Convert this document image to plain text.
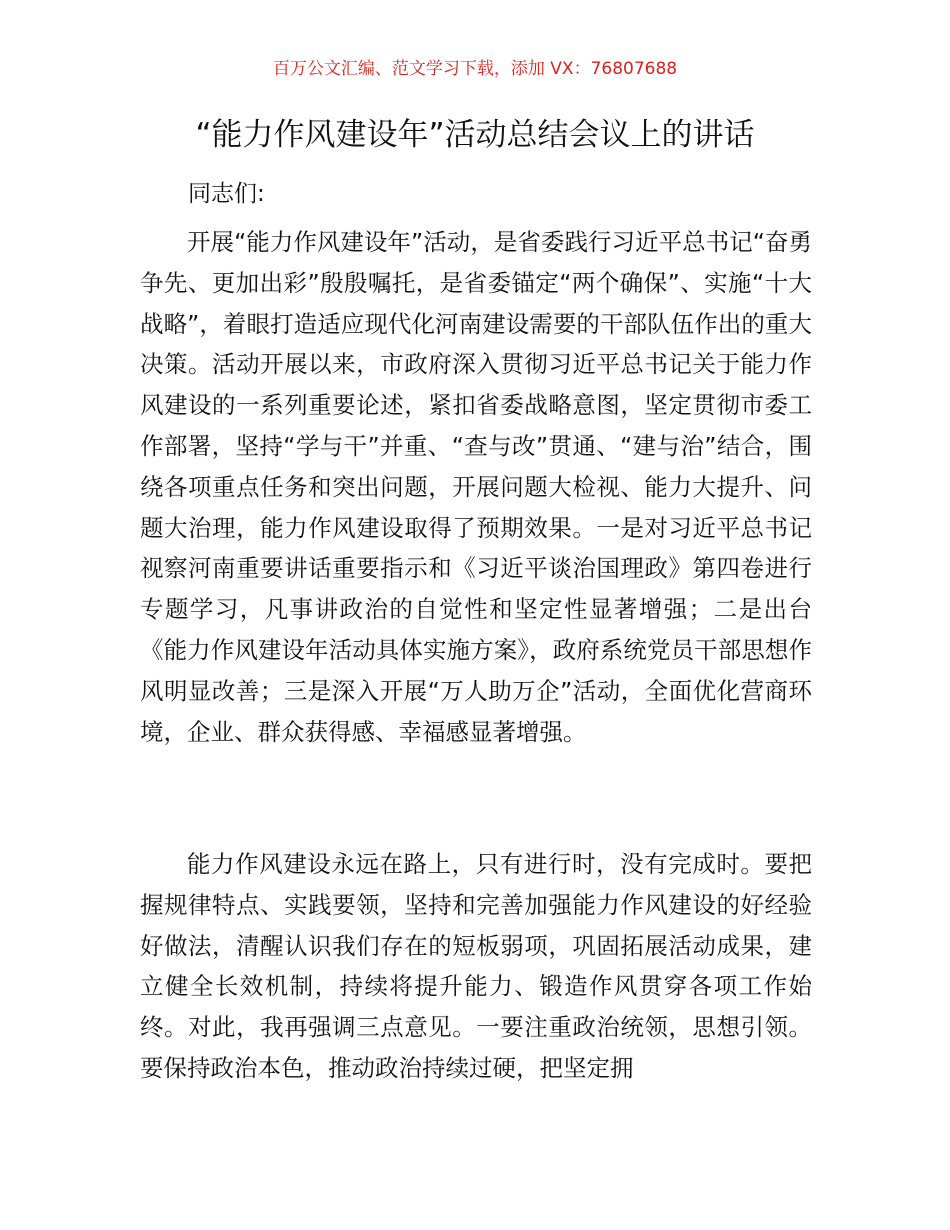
百万公文汇编、范文学习下载，添加 VX：76807688
“能力作风建设年”活动总结会议上的讲话
同志们:

开展“能力作风建设年”活动，是省委践行习近平总书记“奋勇争先、更加出彩”殷殷嘱托，是省委锚定“两个确保”、实施“十大战略”，着眼打造适应现代化河南建设需要的干部队伍作出的重大决策。活动开展以来，市政府深入贯彻习近平总书记关于能力作风建设的一系列重要论述，紧扣省委战略意图，坚定贯彻市委工作部署，坚持“学与干”并重、“查与改”贯通、“建与治”结合，围绕各项重点任务和突出问题，开展问题大检视、能力大提升、问题大治理，能力作风建设取得了预期效果。一是对习近平总书记视察河南重要讲话重要指示和《习近平谈治国理政》第四卷进行专题学习，凡事讲政治的自觉性和坚定性显著增强；二是出台《能力作风建设年活动具体实施方案》，政府系统党员干部思想作风明显改善；三是深入开展“万人助万企”活动，全面优化营商环境，企业、群众获得感、幸福感显著增强。

能力作风建设永远在路上，只有进行时，没有完成时。要把握规律特点、实践要领，坚持和完善加强能力作风建设的好经验好做法，清醒认识我们存在的短板弱项，巩固拓展活动成果，建立健全长效机制，持续将提升能力、锻造作风贯穿各项工作始终。对此，我再强调三点意见。一要注重政治统领，思想引领。要保持政治本色，推动政治持续过硬，把坚定拥
